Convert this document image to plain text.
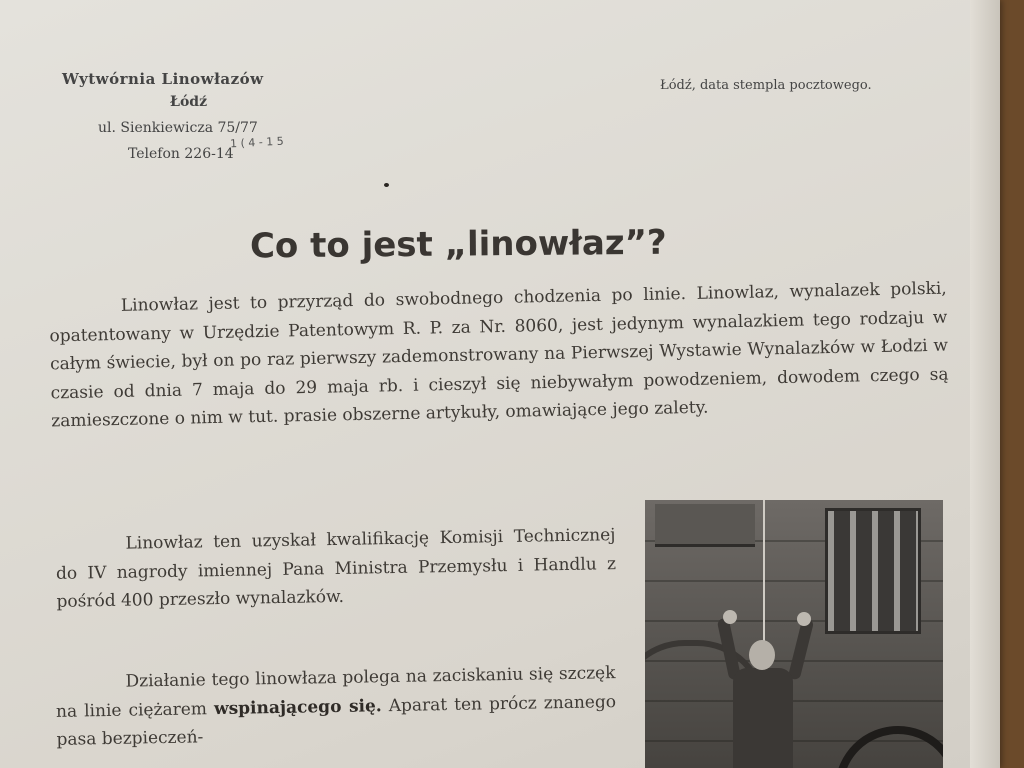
Wytwórnia Linowłazów
Łódź
ul. Sienkiewicza 75/77
1 ( 4 - 1 5
Telefon 226-14
Łódź, data stempla pocztowego.
Co to jest „linowłaz”?
Linowłaz jest to przyrząd do swobodnego chodzenia po linie. Linowlaz, wynalazek polski, opatentowany w Urzędzie Patentowym R. P. za Nr. 8060, jest jedynym wynalazkiem tego rodzaju w całym świecie, był on po raz pierwszy zademonstrowany na Pierwszej Wystawie Wynalazków w Łodzi w czasie od dnia 7 maja do 29 maja rb. i cieszył się niebywałym powodzeniem, dowodem czego są zamieszczone o nim w tut. prasie obszerne artykuły, omawiające jego zalety.
Linowłaz ten uzyskał kwalifikację Komisji Technicznej do IV nagrody imiennej Pana Ministra Przemysłu i Handlu z pośród 400 przeszło wynalazków.
Działanie tego linowłaza polega na zaciskaniu się szczęk na linie ciężarem wspinającego się. Aparat ten prócz znanego pasa bezpieczeń-
